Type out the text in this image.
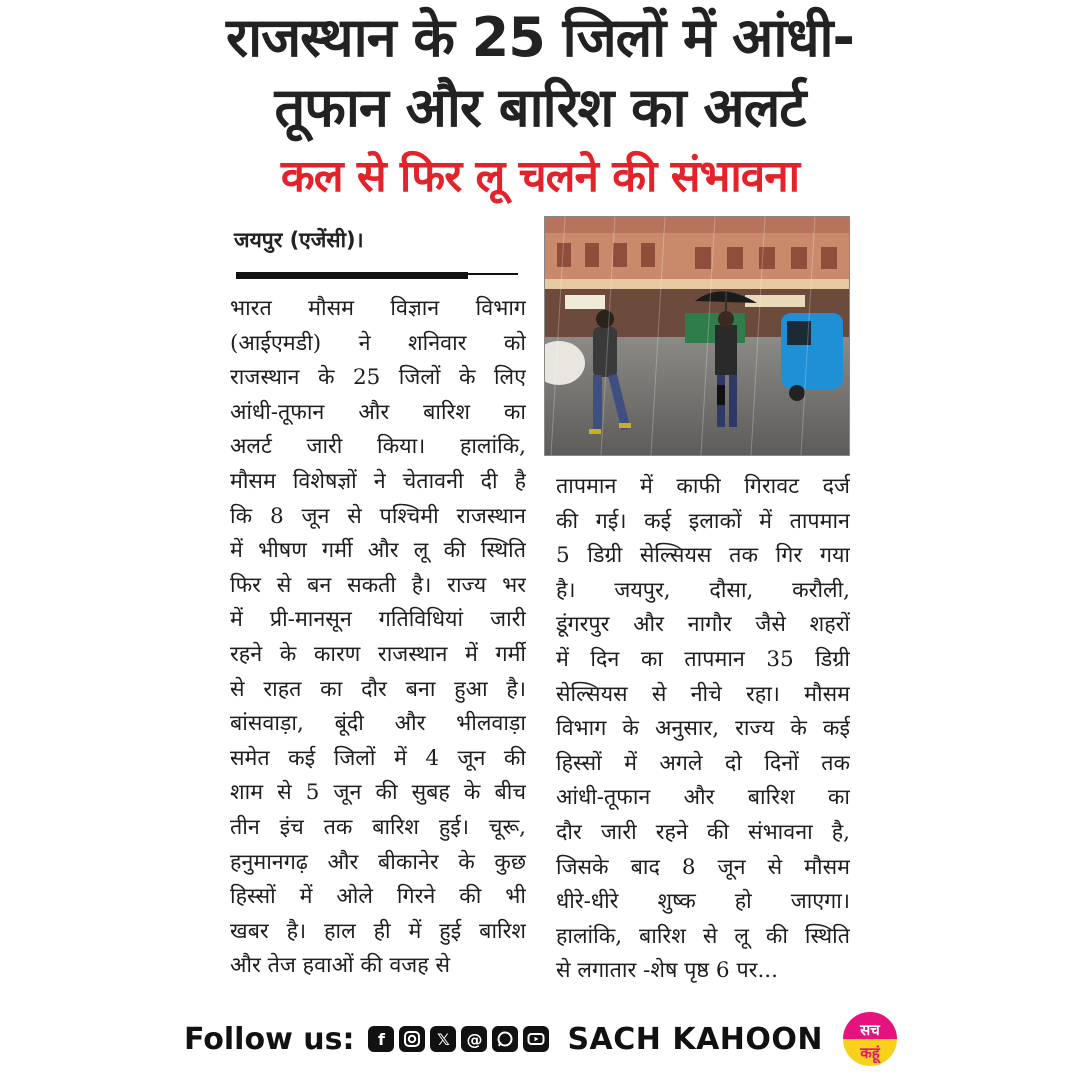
राजस्थान के 25 जिलों में आंधी-
तूफान और बारिश का अलर्ट
कल से फिर लू चलने की संभावना
जयपुर (एजेंसी)।
भारत मौसम विज्ञान विभाग
(आईएमडी) ने शनिवार को
राजस्थान के 25 जिलों के लिए
आंधी-तूफान और बारिश का
अलर्ट जारी किया। हालांकि,
मौसम विशेषज्ञों ने चेतावनी दी है
कि 8 जून से पश्चिमी राजस्थान
में भीषण गर्मी और लू की स्थिति
फिर से बन सकती है। राज्य भर
में प्री-मानसून गतिविधियां जारी
रहने के कारण राजस्थान में गर्मी
से राहत का दौर बना हुआ है।
बांसवाड़ा, बूंदी और भीलवाड़ा
समेत कई जिलों में 4 जून की
शाम से 5 जून की सुबह के बीच
तीन इंच तक बारिश हुई। चूरू,
हनुमानगढ़ और बीकानेर के कुछ
हिस्सों में ओले गिरने की भी
खबर है। हाल ही में हुई बारिश
और तेज हवाओं की वजह से
तापमान में काफी गिरावट दर्ज
की गई। कई इलाकों में तापमान
5 डिग्री सेल्सियस तक गिर गया
है। जयपुर, दौसा, करौली,
डूंगरपुर और नागौर जैसे शहरों
में दिन का तापमान 35 डिग्री
सेल्सियस से नीचे रहा। मौसम
विभाग के अनुसार, राज्य के कई
हिस्सों में अगले दो दिनों तक
आंधी-तूफान और बारिश का
दौर जारी रहने की संभावना है,
जिसके बाद 8 जून से मौसम
धीरे-धीरे शुष्क हो जाएगा।
हालांकि, बारिश से लू की स्थिति
से लगातार -शेष पृष्ठ 6 पर...
Follow us:	f	𝕏	@	SACH KAHOON सच
कहूं
